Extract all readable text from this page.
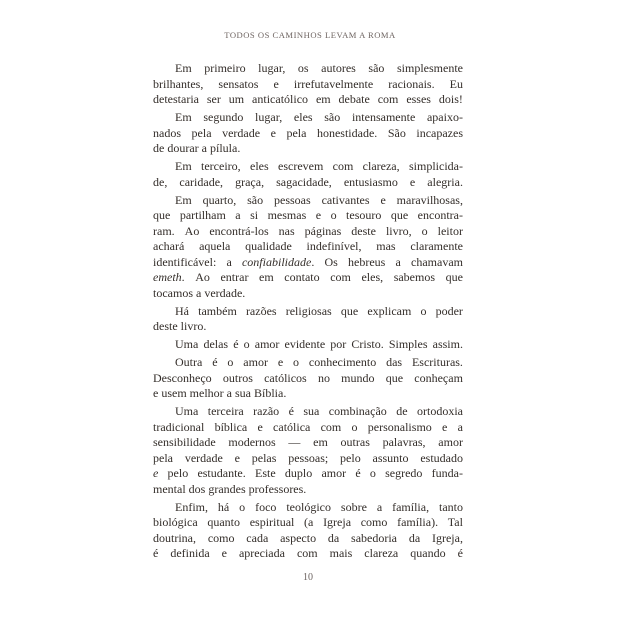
TODOS OS CAMINHOS LEVAM A ROMA
Em primeiro lugar, os autores são simplesmente
brilhantes, sensatos e irrefutavelmente racionais. Eu
detestaria ser um anticatólico em debate com esses dois!
Em segundo lugar, eles são intensamente apaixo-
nados pela verdade e pela honestidade. São incapazes
de dourar a pílula.
Em terceiro, eles escrevem com clareza, simplicida-
de, caridade, graça, sagacidade, entusiasmo e alegria.
Em quarto, são pessoas cativantes e maravilhosas,
que partilham a si mesmas e o tesouro que encontra-
ram. Ao encontrá-los nas páginas deste livro, o leitor
achará aquela qualidade indefinível, mas claramente
identificável: a confiabilidade. Os hebreus a chamavam
emeth. Ao entrar em contato com eles, sabemos que
tocamos a verdade.
Há também razões religiosas que explicam o poder
deste livro.
Uma delas é o amor evidente por Cristo. Simples assim.
Outra é o amor e o conhecimento das Escrituras.
Desconheço outros católicos no mundo que conheçam
e usem melhor a sua Bíblia.
Uma terceira razão é sua combinação de ortodoxia
tradicional bíblica e católica com o personalismo e a
sensibilidade modernos — em outras palavras, amor
pela verdade e pelas pessoas; pelo assunto estudado
e pelo estudante. Este duplo amor é o segredo funda-
mental dos grandes professores.
Enfim, há o foco teológico sobre a família, tanto
biológica quanto espiritual (a Igreja como família). Tal
doutrina, como cada aspecto da sabedoria da Igreja,
é definida e apreciada com mais clareza quando é
10
